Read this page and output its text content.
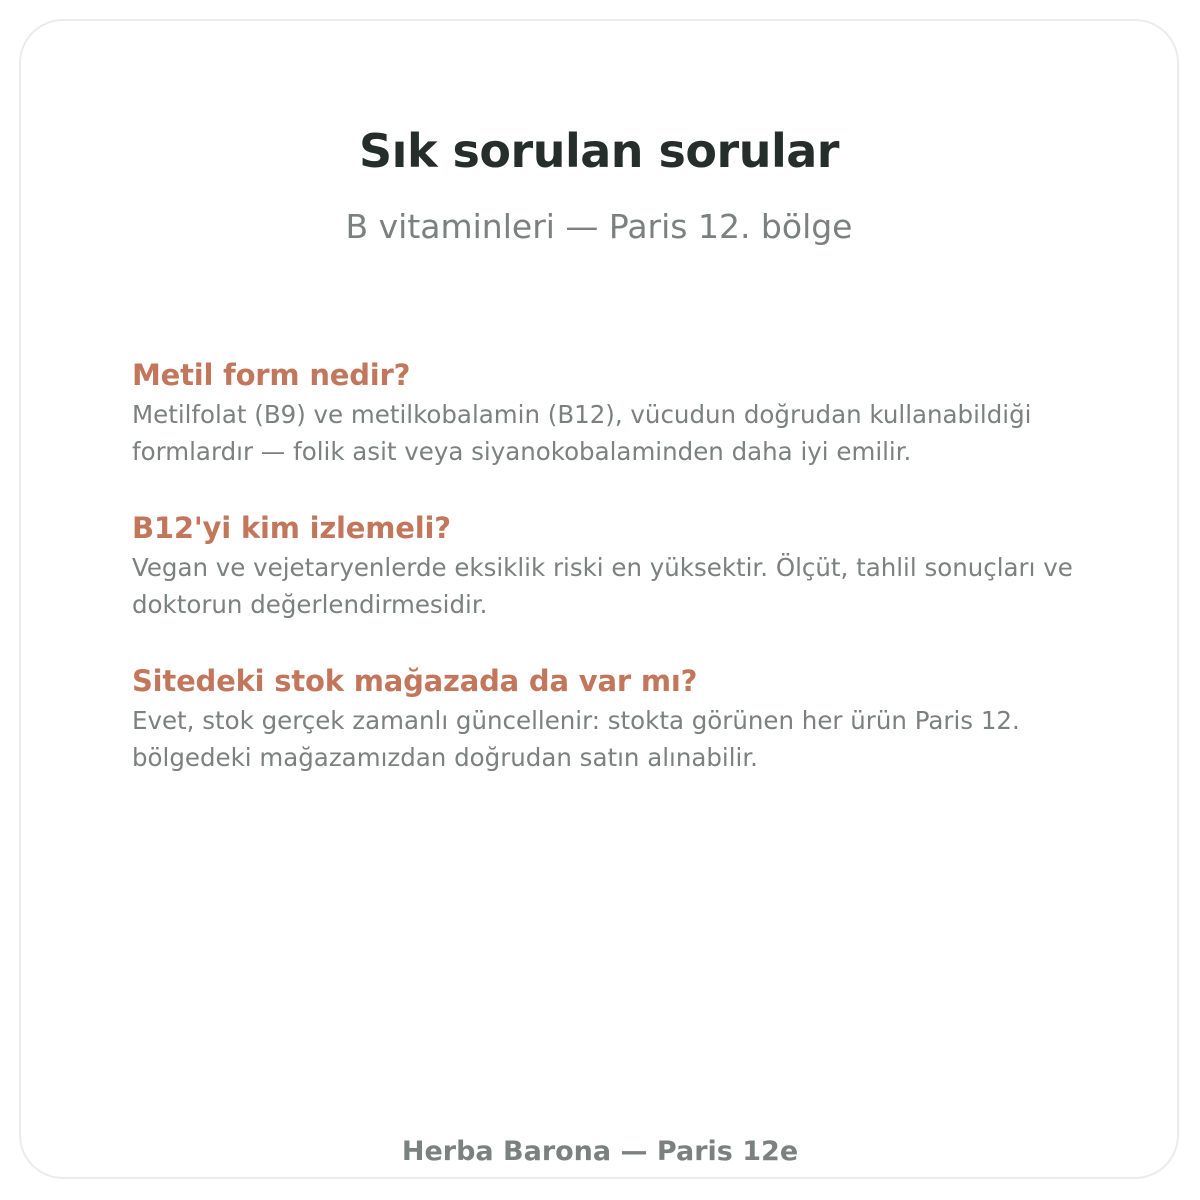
Sık sorulan sorular
B vitaminleri — Paris 12. bölge
Metil form nedir?
Metilfolat (B9) ve metilkobalamin (B12), vücudun doğrudan kullanabildiği
formlardır — folik asit veya siyanokobalaminden daha iyi emilir.
B12'yi kim izlemeli?
Vegan ve vejetaryenlerde eksiklik riski en yüksektir. Ölçüt, tahlil sonuçları ve
doktorun değerlendirmesidir.
Sitedeki stok mağazada da var mı?
Evet, stok gerçek zamanlı güncellenir: stokta görünen her ürün Paris 12.
bölgedeki mağazamızdan doğrudan satın alınabilir.
Herba Barona — Paris 12e
